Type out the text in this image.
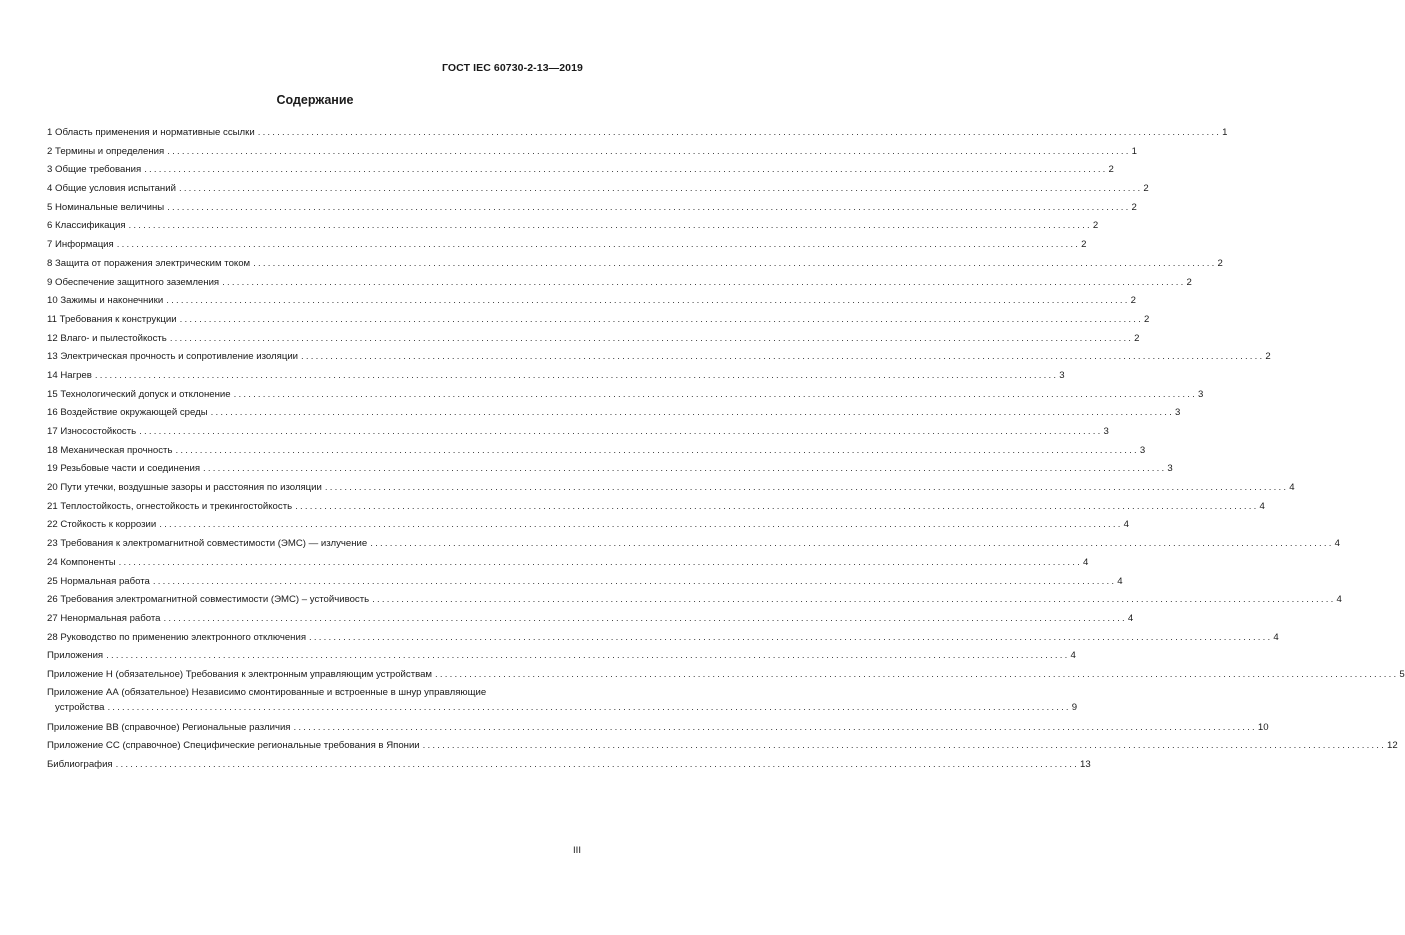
ГОСТ IEC 60730-2-13—2019
Содержание
1 Область применения и нормативные ссылки ...................................................................................................................................................................................................... 1
2 Термины и определения ...................................................................................................................................................................................................... 1
3 Общие требования ...................................................................................................................................................................................................... 2
4 Общие условия испытаний ...................................................................................................................................................................................................... 2
5 Номинальные величины ...................................................................................................................................................................................................... 2
6 Классификация ...................................................................................................................................................................................................... 2
7 Информация ...................................................................................................................................................................................................... 2
8 Защита от поражения электрическим током ...................................................................................................................................................................................................... 2
9 Обеспечение защитного заземления ...................................................................................................................................................................................................... 2
10 Зажимы и наконечники ...................................................................................................................................................................................................... 2
11 Требования к конструкции ...................................................................................................................................................................................................... 2
12 Влаго- и пылестойкость ...................................................................................................................................................................................................... 2
13 Электрическая прочность и сопротивление изоляции ...................................................................................................................................................................................................... 2
14 Нагрев ...................................................................................................................................................................................................... 3
15 Технологический допуск и отклонение ...................................................................................................................................................................................................... 3
16 Воздействие окружающей среды ...................................................................................................................................................................................................... 3
17 Износостойкость ...................................................................................................................................................................................................... 3
18 Механическая прочность ...................................................................................................................................................................................................... 3
19 Резьбовые части и соединения ...................................................................................................................................................................................................... 3
20 Пути утечки, воздушные зазоры и расстояния по изоляции ...................................................................................................................................................................................................... 4
21 Теплостойкость, огнестойкость и трекингостойкость ...................................................................................................................................................................................................... 4
22 Стойкость к коррозии ...................................................................................................................................................................................................... 4
23 Требования к электромагнитной совместимости (ЭМС) — излучение ...................................................................................................................................................................................................... 4
24 Компоненты ...................................................................................................................................................................................................... 4
25 Нормальная работа ...................................................................................................................................................................................................... 4
26 Требования электромагнитной совместимости (ЭМС) – устойчивость ...................................................................................................................................................................................................... 4
27 Ненормальная работа ...................................................................................................................................................................................................... 4
28 Руководство по применению электронного отключения ...................................................................................................................................................................................................... 4
Приложения ...................................................................................................................................................................................................... 4
Приложение Н (обязательное) Требования к электронным управляющим устройствам ...................................................................................................................................................................................................... 5
Приложение АА (обязательное) Независимо смонтированные и встроенные в шнур управляющие
устройства ...................................................................................................................................................................................................... 9
Приложение ВВ (справочное) Региональные различия ...................................................................................................................................................................................................... 10
Приложение СС (справочное) Специфические региональные требования в Японии ...................................................................................................................................................................................................... 12
Библиография ...................................................................................................................................................................................................... 13
III
